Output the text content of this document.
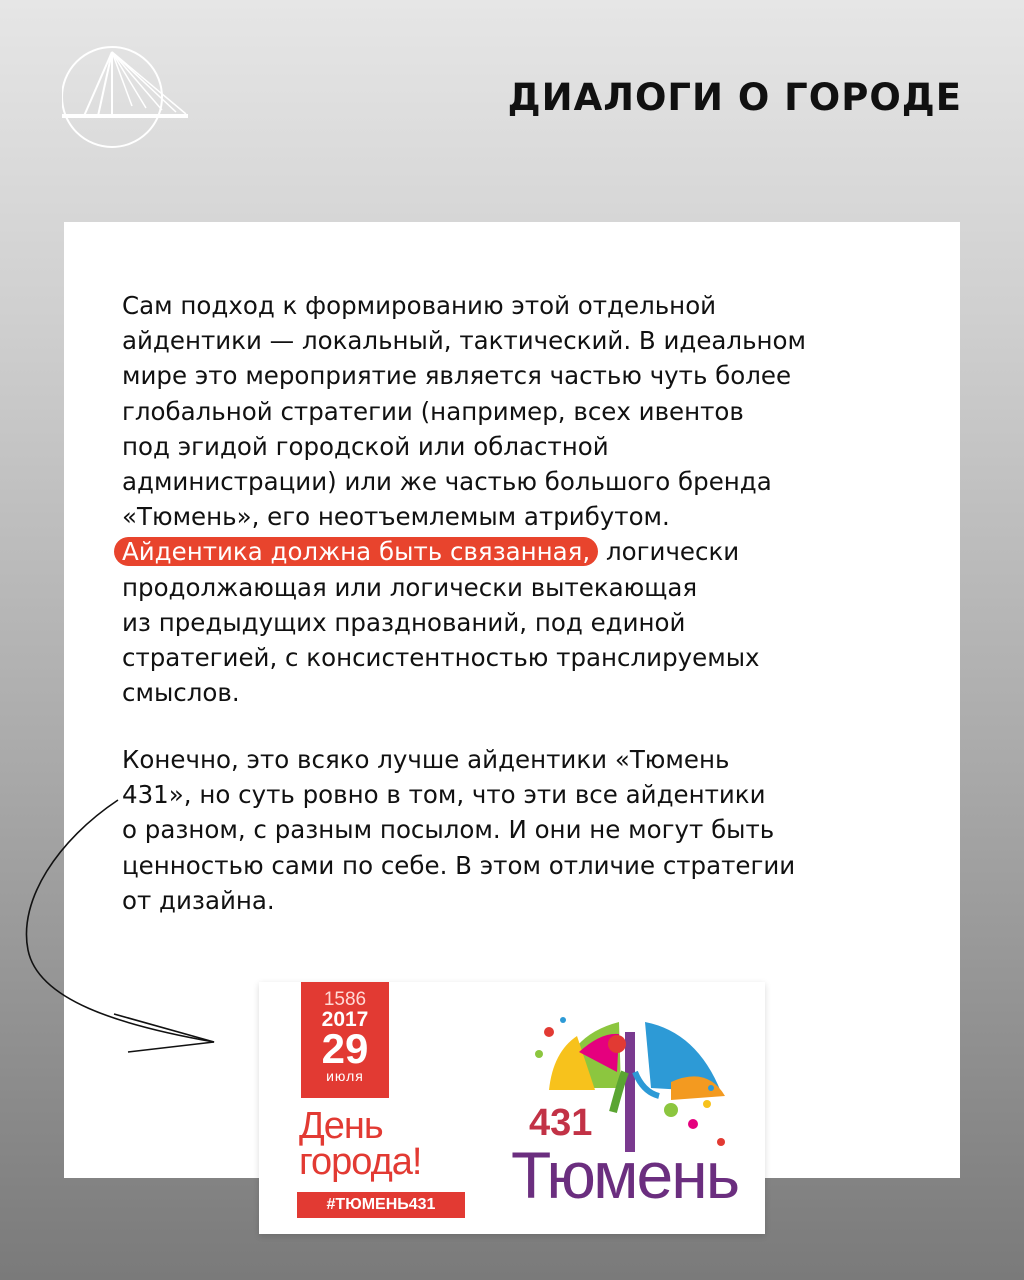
ДИАЛОГИ О ГОРОДЕ
Сам подход к формированию этой отдельной
айдентики — локальный, тактический. В идеальном
мире это мероприятие является частью чуть более
глобальной стратегии (например, всех ивентов
под эгидой городской или областной
администрации) или же частью большого бренда
«Тюмень», его неотъемлемым атрибутом.
Айдентика должна быть связанная, логически
продолжающая или логически вытекающая
из предыдущих празднований, под единой
стратегией, с консистентностью транслируемых
смыслов.
Конечно, это всяко лучше айдентики «Тюмень
431», но суть ровно в том, что эти все айдентики
о разном, с разным посылом. И они не могут быть
ценностью сами по себе. В этом отличие стратегии
от дизайна.
1586
2017
29
июля
День
города!
#ТЮМЕНЬ431
431
Тюмень
